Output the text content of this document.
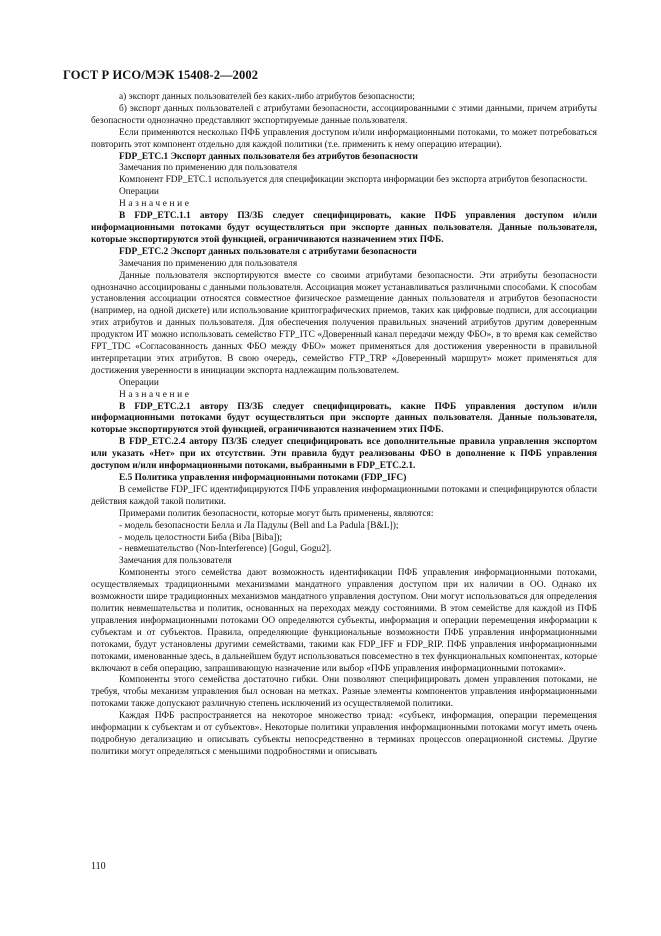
ГОСТ Р ИСО/МЭК 15408-2—2002

а) экспорт данных пользователей без каких-либо атрибутов безопасности;

б) экспорт данных пользователей с атрибутами безопасности, ассоциированными с этими данными, причем атрибуты безопасности однозначно представляют экспортируемые данные пользователя.

Если применяются несколько ПФБ управления доступом и/или информационными потоками, то может потребоваться повторить этот компонент отдельно для каждой политики (т.е. применить к нему операцию итерации).

FDP_ETC.1 Экспорт данных пользователя без атрибутов безопасности

Замечания по применению для пользователя

Компонент FDP_ETC.1 используется для спецификации экспорта информации без экспорта атрибутов безопасности.

Операции

Назначение

В FDP_ETC.1.1 автору ПЗ/ЗБ следует специфицировать, какие ПФБ управления доступом и/или информационными потоками будут осуществляться при экспорте данных пользователя. Данные пользователя, которые экспортируются этой функцией, ограничиваются назначением этих ПФБ.

FDP_ETC.2 Экспорт данных пользователя с атрибутами безопасности

Замечания по применению для пользователя

Данные пользователя экспортируются вместе со своими атрибутами безопасности. Эти атрибуты безопасности однозначно ассоциированы с данными пользователя. Ассоциация может устанавливаться различными способами. К способам установления ассоциации относятся совместное физическое размещение данных пользователя и атрибутов безопасности (например, на одной дискете) или использование криптографических приемов, таких как цифровые подписи, для ассоциации этих атрибутов и данных пользователя. Для обеспечения получения правильных значений атрибутов другим доверенным продуктом ИТ можно использовать семейство FTP_ITC «Доверенный канал передачи между ФБО», в то время как семейство FPT_TDC «Согласованность данных ФБО между ФБО» может применяться для достижения уверенности в правильной интерпретации этих атрибутов. В свою очередь, семейство FTP_TRP «Доверенный маршрут» может применяться для достижения уверенности в инициации экспорта надлежащим пользователем.

Операции

Назначение

В FDP_ETC.2.1 автору ПЗ/ЗБ следует специфицировать, какие ПФБ управления доступом и/или информационными потоками будут осуществляться при экспорте данных пользователя. Данные пользователя, которые экспортируются этой функцией, ограничиваются назначением этих ПФБ.

В FDP_ETC.2.4 автору ПЗ/ЗБ следует специфицировать все дополнительные правила управления экспортом или указать «Нет» при их отсутствии. Эти правила будут реализованы ФБО в дополнение к ПФБ управления доступом и/или информационными потоками, выбранными в FDP_ETC.2.1.

Е.5 Политика управления информационными потоками (FDP_IFC)

В семействе FDP_IFC идентифицируются ПФБ управления информационными потоками и специфицируются области действия каждой такой политики.

Примерами политик безопасности, которые могут быть применены, являются:

- модель безопасности Белла и Ла Падулы (Bell and La Padula [B&L]);

- модель целостности Биба (Biba [Biba]);

- невмешательство (Non-Interference) [Gogul, Gogu2].

Замечания для пользователя

Компоненты этого семейства дают возможность идентификации ПФБ управления информационными потоками, осуществляемых традиционными механизмами мандатного управления доступом при их наличии в ОО. Однако их возможности шире традиционных механизмов мандатного управления доступом. Они могут использоваться для определения политик невмешательства и политик, основанных на переходах между состояниями. В этом семействе для каждой из ПФБ управления информационными потоками ОО определяются субъекты, информация и операции перемещения информации к субъектам и от субъектов. Правила, определяющие функциональные возможности ПФБ управления информационными потоками, будут установлены другими семействами, такими как FDP_IFF и FDP_RIP. ПФБ управления информационными потоками, именованные здесь, в дальнейшем будут использоваться повсеместно в тех функциональных компонентах, которые включают в себя операцию, запрашивающую назначение или выбор «ПФБ управления информационными потоками».

Компоненты этого семейства достаточно гибки. Они позволяют специфицировать домен управления потоками, не требуя, чтобы механизм управления был основан на метках. Разные элементы компонентов управления информационными потоками также допускают различную степень исключений из осуществляемой политики.

Каждая ПФБ распространяется на некоторое множество триад: «субъект, информация, операции перемещения информации к субъектам и от субъектов». Некоторые политики управления информационными потоками могут иметь очень подробную детализацию и описывать субъекты непосредственно в терминах процессов операционной системы. Другие политики могут определяться с меньшими подробностями и описывать

110
